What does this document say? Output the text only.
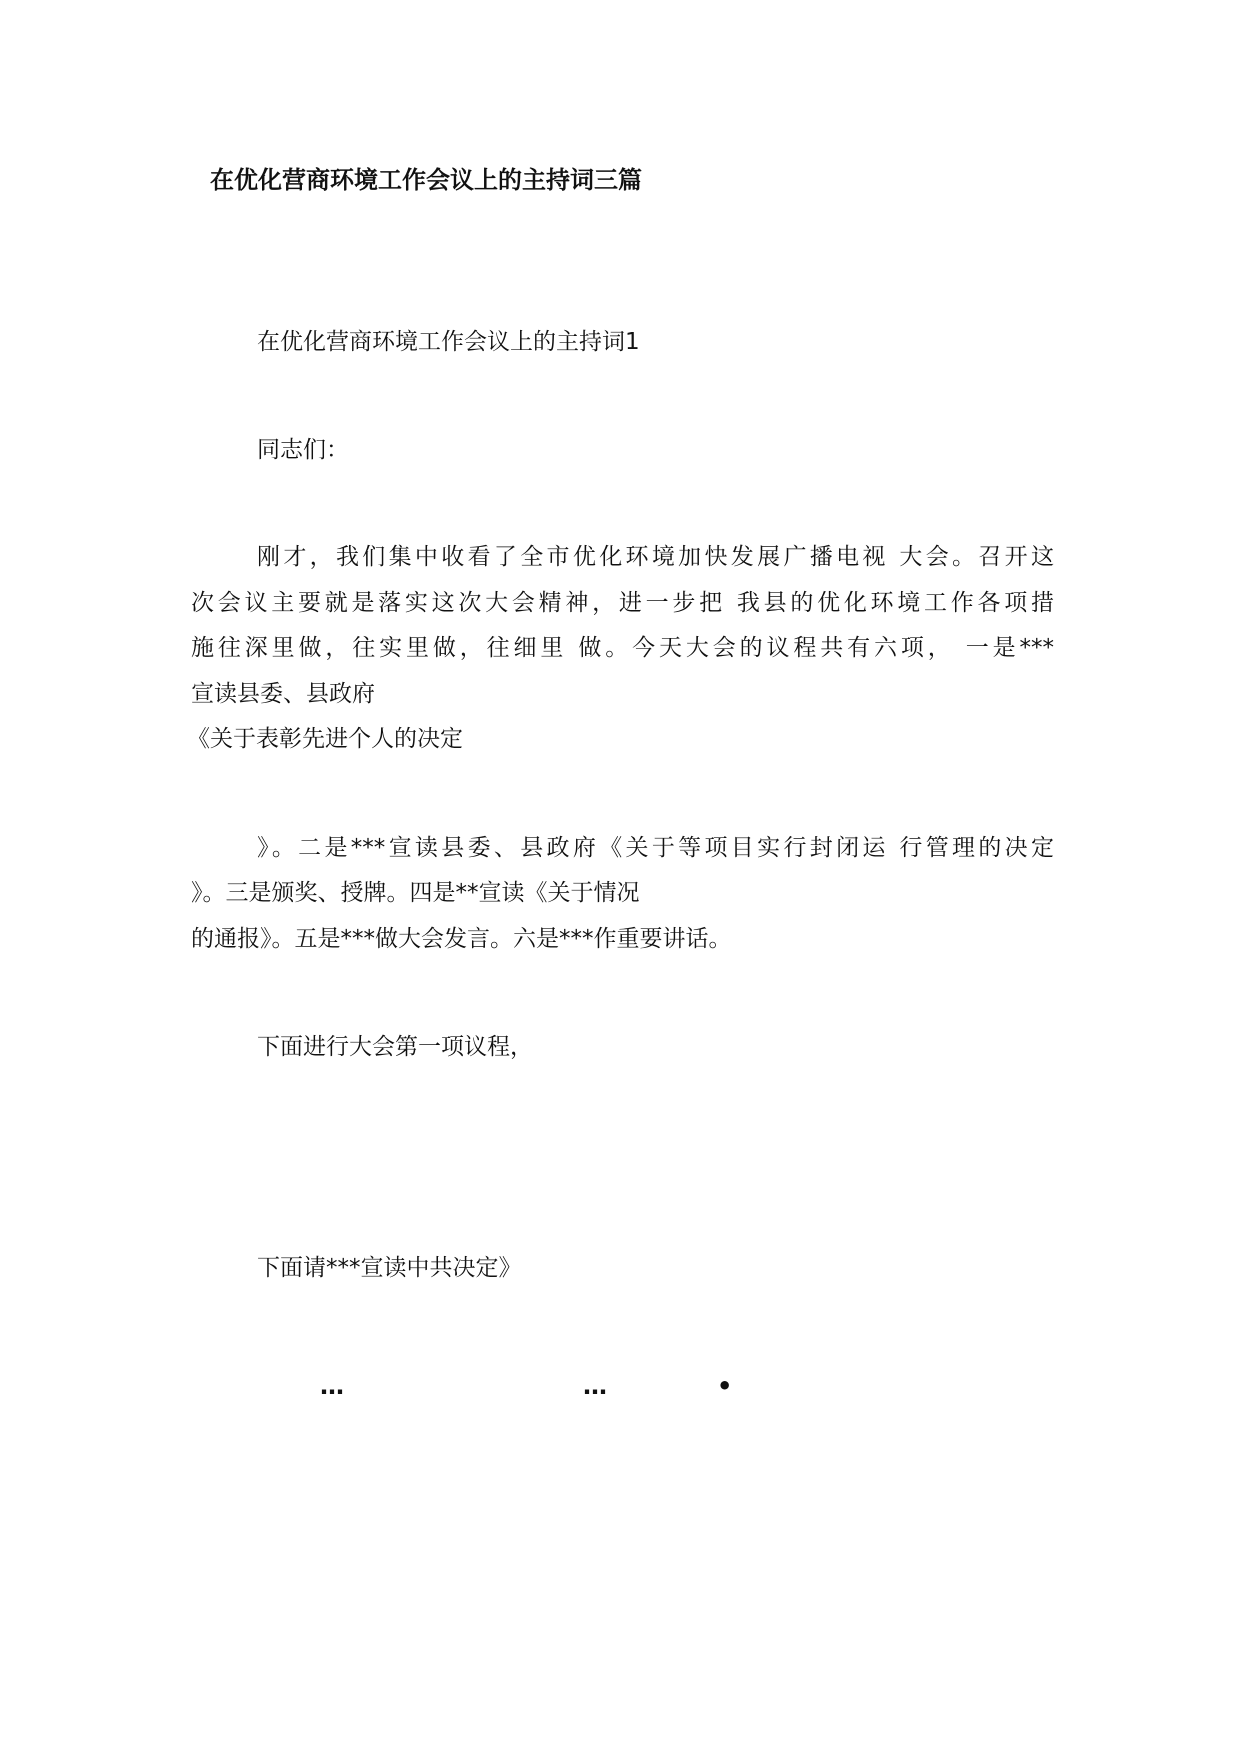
在优化营商环境工作会议上的主持词三篇
在优化营商环境工作会议上的主持词1
同志们：
刚才，我们集中收看了全市优化环境加快发展广播电视 大会。召开这
次会议主要就是落实这次大会精神，进一步把 我县的优化环境工作各项措
施往深里做，往实里做，往细里 做。今天大会的议程共有六项， 一是***
宣读县委、县政府
《关于表彰先进个人的决定
》。二是***宣读县委、县政府《关于等项目实行封闭运 行管理的决定
》。三是颁奖、授牌。四是**宣读《关于情况
的通报》。五是***做大会发言。六是***作重要讲话。
下面进行大会第一项议程，
下面请***宣读中共决定》
…	…	•
